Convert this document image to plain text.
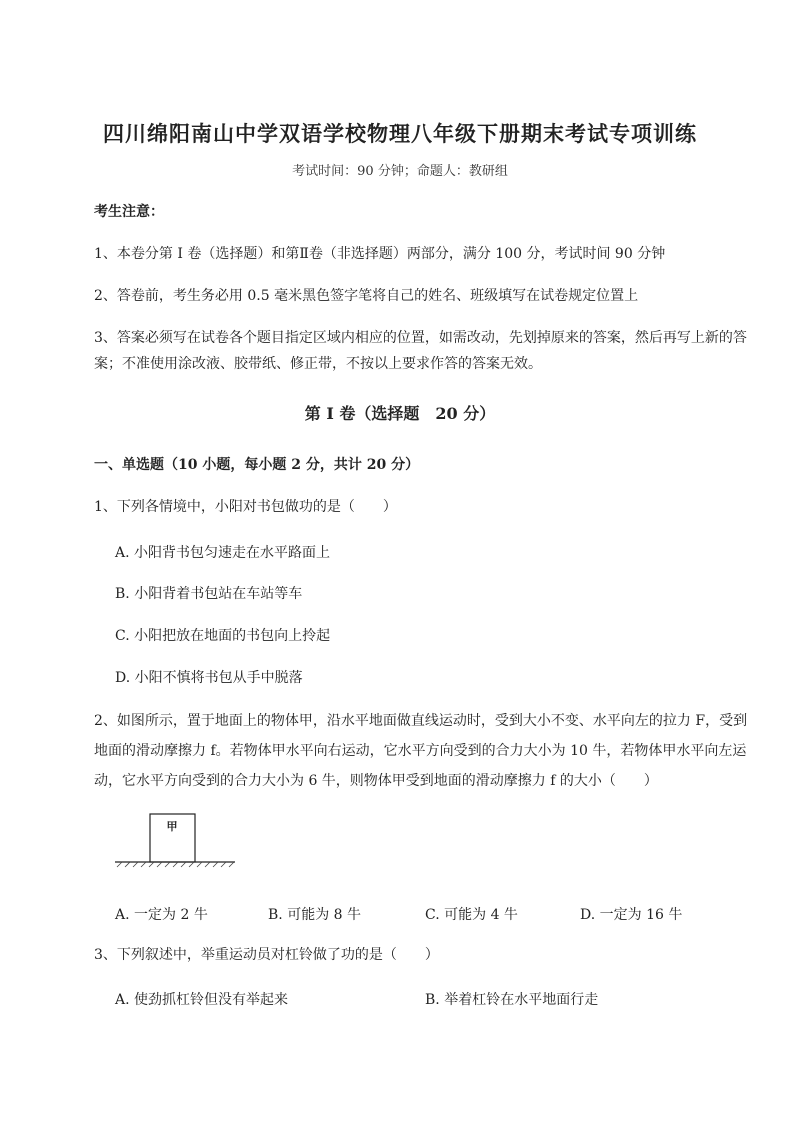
四川绵阳南山中学双语学校物理八年级下册期末考试专项训练
考试时间：90 分钟；命题人：教研组
考生注意：
1、本卷分第 I 卷（选择题）和第Ⅱ卷（非选择题）两部分，满分 100 分，考试时间 90 分钟
2、答卷前，考生务必用 0.5 毫米黑色签字笔将自己的姓名、班级填写在试卷规定位置上
3、答案必须写在试卷各个题目指定区域内相应的位置，如需改动，先划掉原来的答案，然后再写上新的答案；不准使用涂改液、胶带纸、修正带，不按以上要求作答的答案无效。
第 I 卷（选择题　20 分）
一、单选题（10 小题，每小题 2 分，共计 20 分）
1、下列各情境中，小阳对书包做功的是（　　）
A. 小阳背书包匀速走在水平路面上
B. 小阳背着书包站在车站等车
C. 小阳把放在地面的书包向上拎起
D. 小阳不慎将书包从手中脱落
2、如图所示，置于地面上的物体甲，沿水平地面做直线运动时，受到大小不变、水平向左的拉力 F，受到地面的滑动摩擦力 f。若物体甲水平向右运动，它水平方向受到的合力大小为 10 牛，若物体甲水平向左运动，它水平方向受到的合力大小为 6 牛，则物体甲受到地面的滑动摩擦力 f 的大小（　　）
甲
A. 一定为 2 牛	B. 可能为 8 牛	C. 可能为 4 牛	D. 一定为 16 牛
3、下列叙述中，举重运动员对杠铃做了功的是（　　）
A. 使劲抓杠铃但没有举起来	B. 举着杠铃在水平地面行走
